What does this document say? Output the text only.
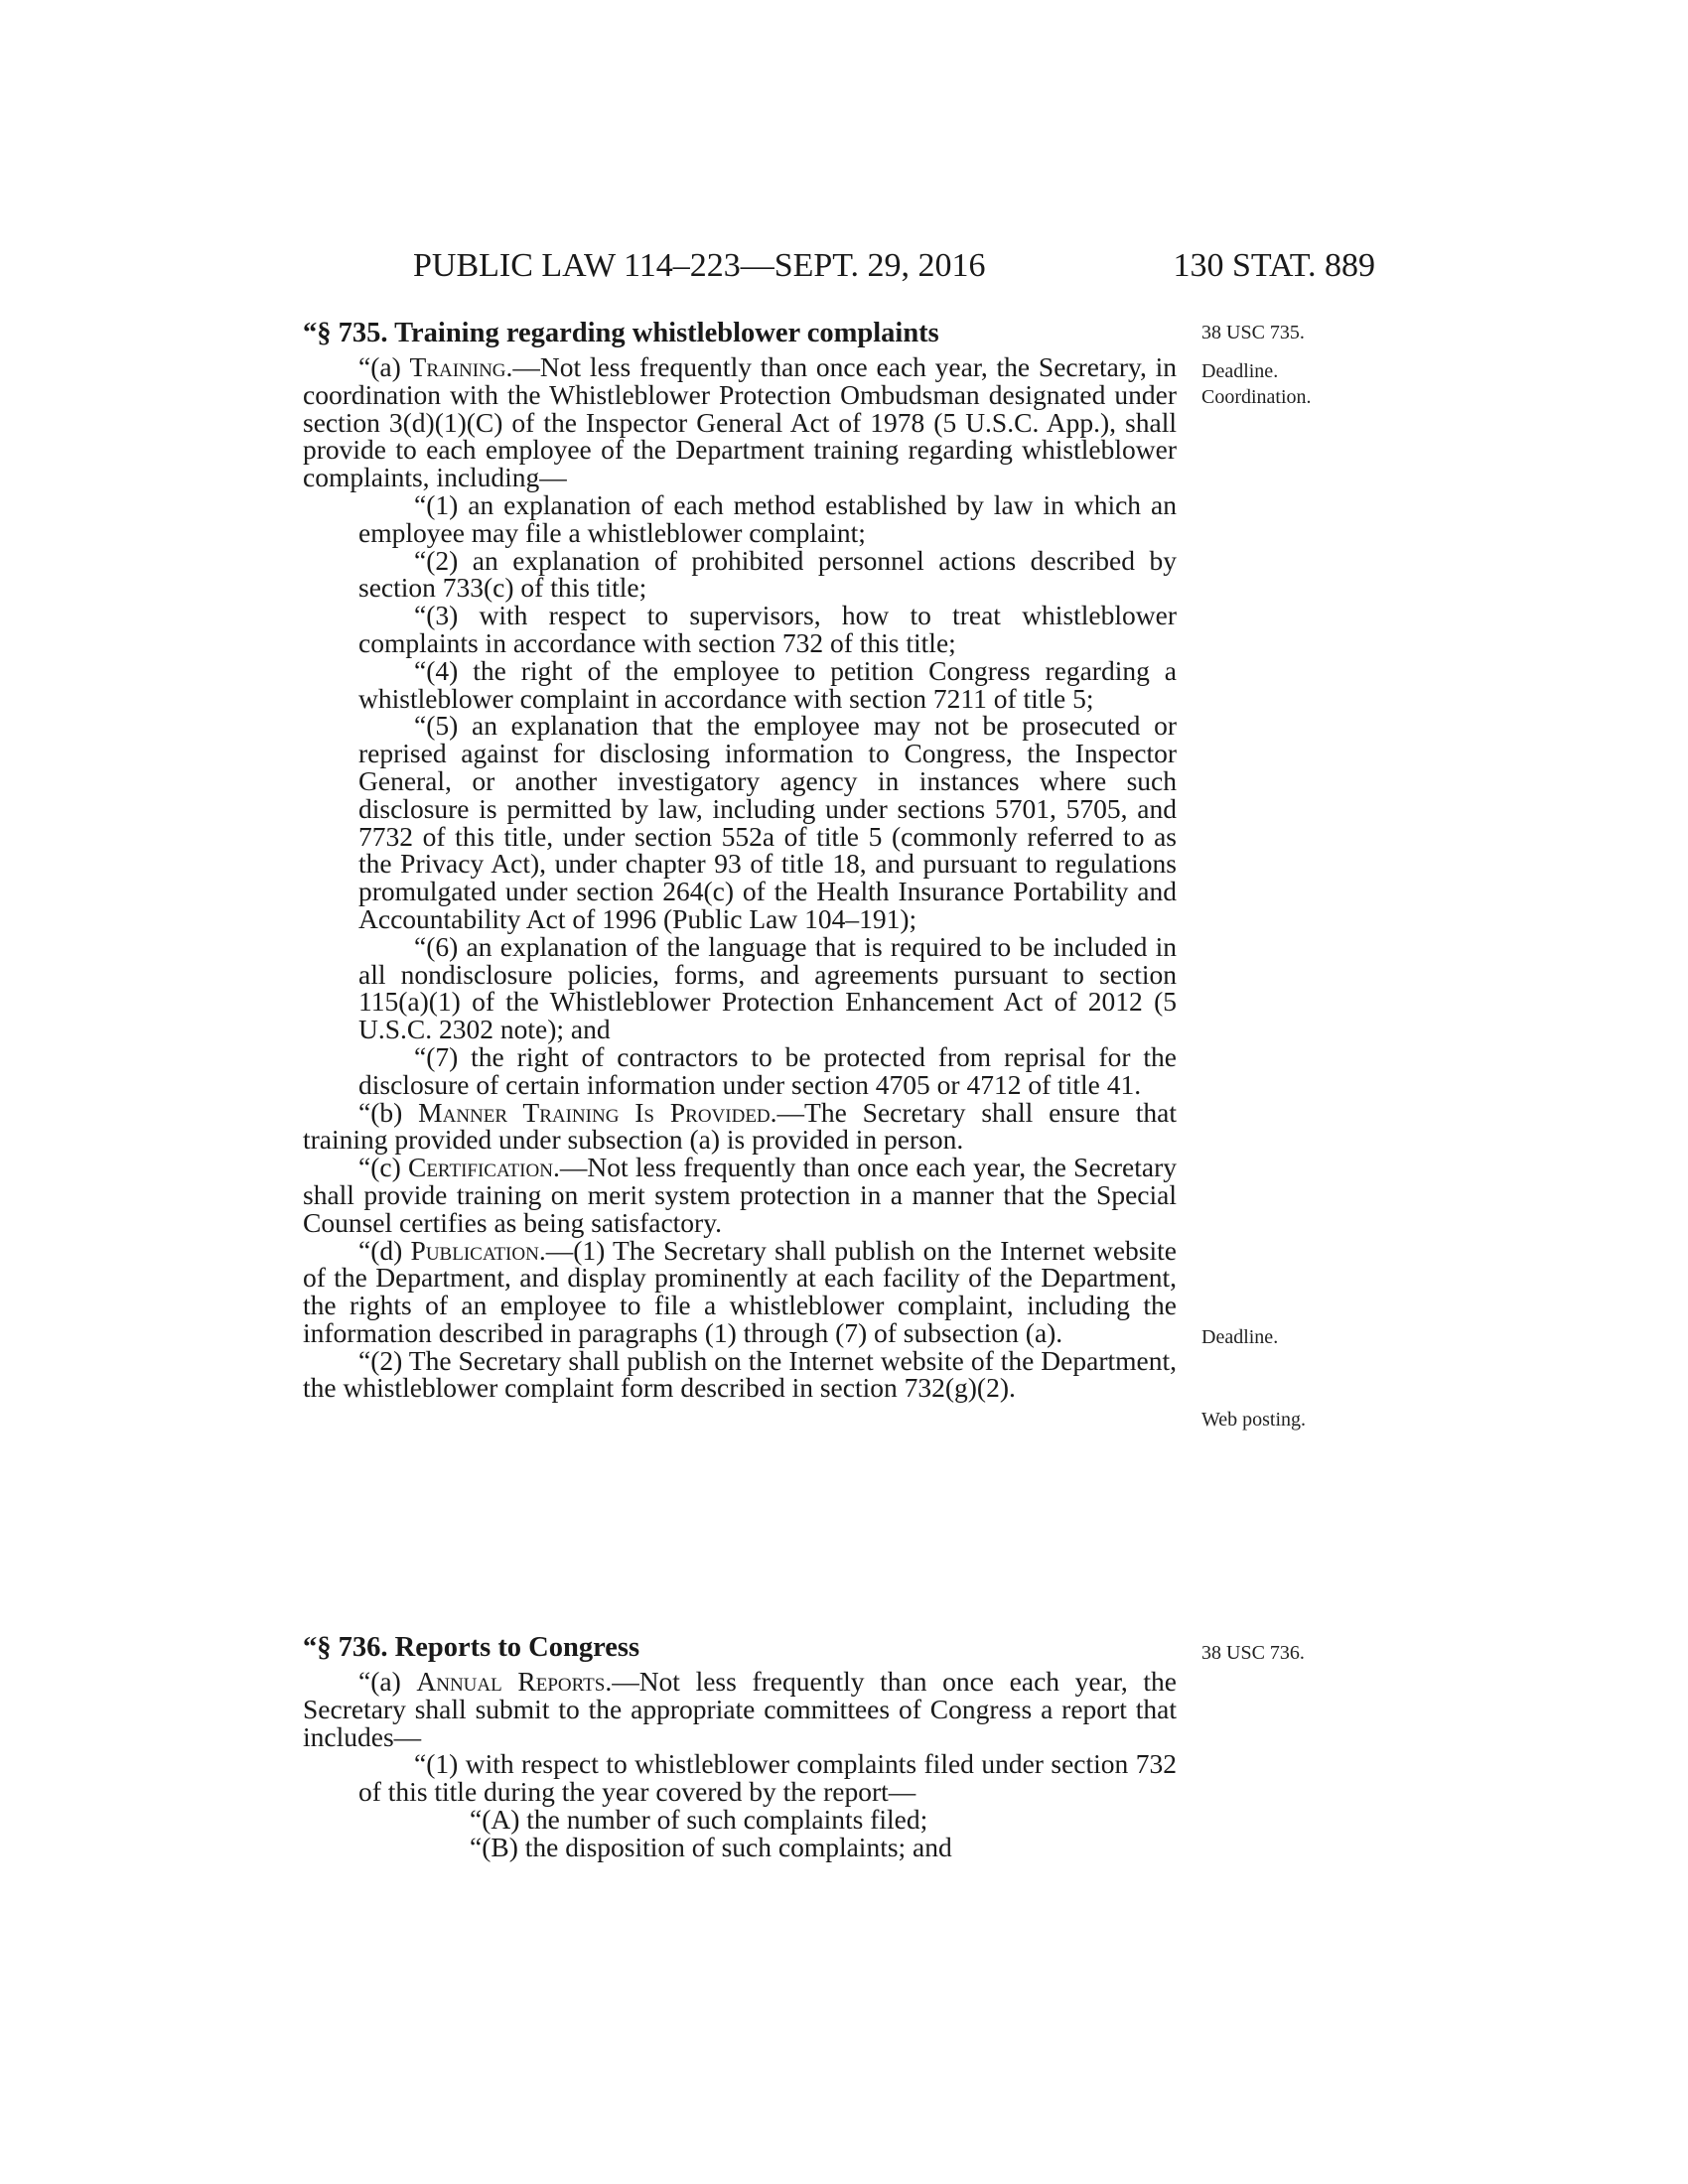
PUBLIC LAW 114–223—SEPT. 29, 2016	130 STAT. 889

“§ 735. Training regarding whistleblower complaints

“(a) Training.—Not less frequently than once each year, the Secretary, in coordination with the Whistleblower Protection Ombudsman designated under section 3(d)(1)(C) of the Inspector General Act of 1978 (5 U.S.C. App.), shall provide to each employee of the Department training regarding whistleblower complaints, including—

“(1) an explanation of each method established by law in which an employee may file a whistleblower complaint;

“(2) an explanation of prohibited personnel actions described by section 733(c) of this title;

“(3) with respect to supervisors, how to treat whistleblower complaints in accordance with section 732 of this title;

“(4) the right of the employee to petition Congress regarding a whistleblower complaint in accordance with section 7211 of title 5;

“(5) an explanation that the employee may not be prosecuted or reprised against for disclosing information to Congress, the Inspector General, or another investigatory agency in instances where such disclosure is permitted by law, including under sections 5701, 5705, and 7732 of this title, under section 552a of title 5 (commonly referred to as the Privacy Act), under chapter 93 of title 18, and pursuant to regulations promulgated under section 264(c) of the Health Insurance Portability and Accountability Act of 1996 (Public Law 104–191);

“(6) an explanation of the language that is required to be included in all nondisclosure policies, forms, and agreements pursuant to section 115(a)(1) of the Whistleblower Protection Enhancement Act of 2012 (5 U.S.C. 2302 note); and

“(7) the right of contractors to be protected from reprisal for the disclosure of certain information under section 4705 or 4712 of title 41.

“(b) Manner Training Is Provided.—The Secretary shall ensure that training provided under subsection (a) is provided in person.

“(c) Certification.—Not less frequently than once each year, the Secretary shall provide training on merit system protection in a manner that the Special Counsel certifies as being satisfactory.

“(d) Publication.—(1) The Secretary shall publish on the Internet website of the Department, and display prominently at each facility of the Department, the rights of an employee to file a whistleblower complaint, including the information described in paragraphs (1) through (7) of subsection (a).

“(2) The Secretary shall publish on the Internet website of the Department, the whistleblower complaint form described in section 732(g)(2).

“§ 736. Reports to Congress

“(a) Annual Reports.—Not less frequently than once each year, the Secretary shall submit to the appropriate committees of Congress a report that includes—

“(1) with respect to whistleblower complaints filed under section 732 of this title during the year covered by the report—

“(A) the number of such complaints filed;

“(B) the disposition of such complaints; and

38 USC 735.
Deadline.
Coordination.
Deadline.
Web posting.
38 USC 736.
